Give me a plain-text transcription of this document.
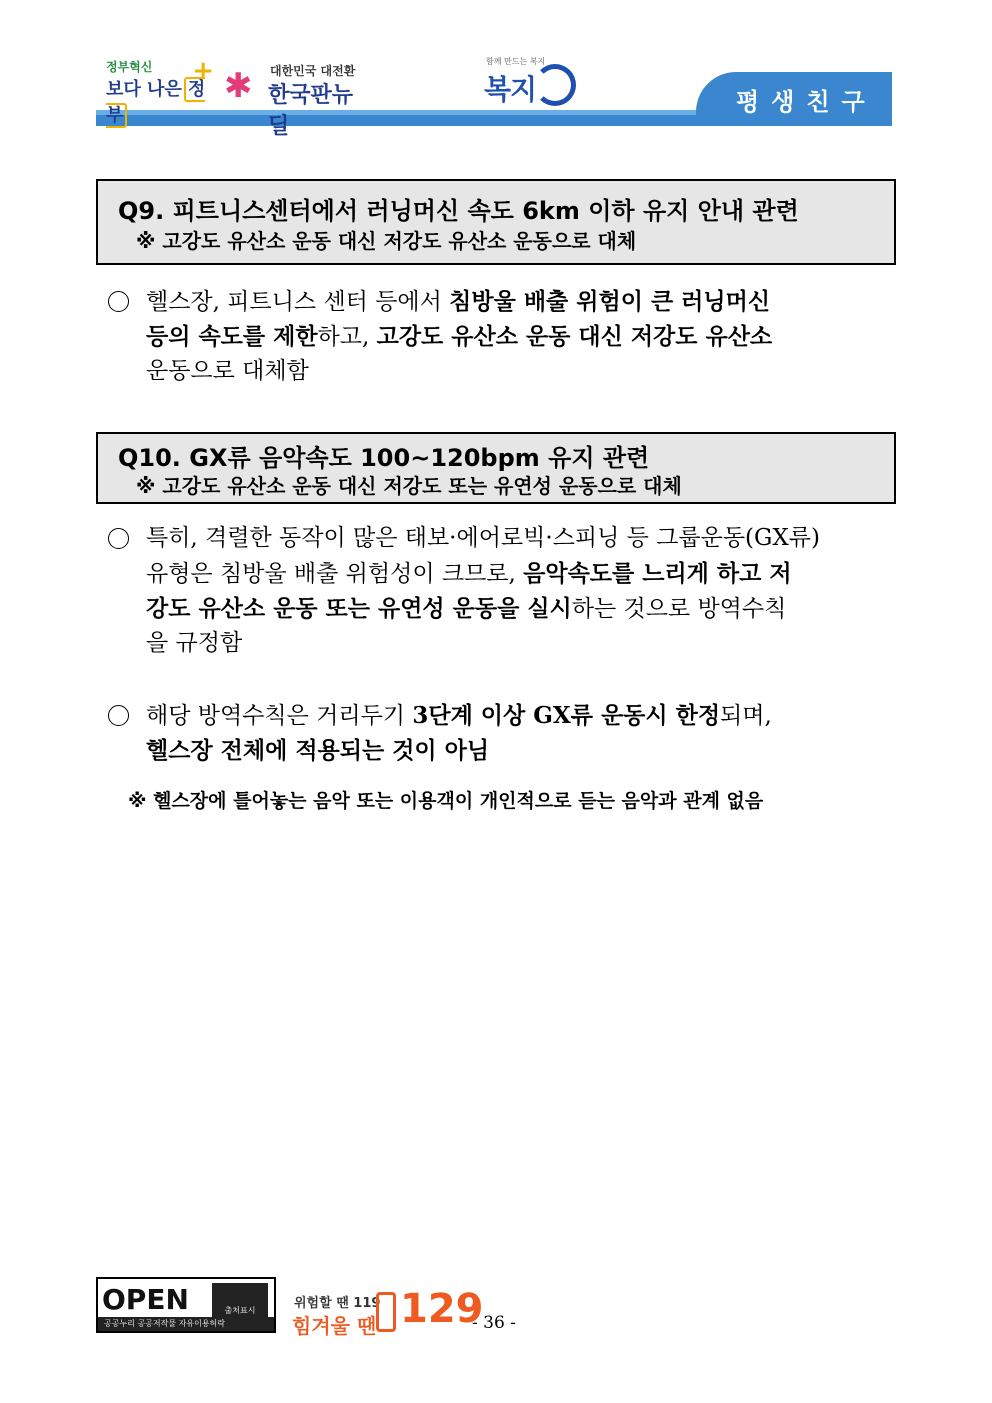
정부혁신
보다 나은 정부
+ ✱ 대한민국 대전환
한국판뉴딜
함께 만드는 복지
복지	평생친구
Q9. 피트니스센터에서 러닝머신 속도 6km 이하 유지 안내 관련
※ 고강도 유산소 운동 대신 저강도 유산소 운동으로 대체
헬스장, 피트니스 센터 등에서 침방울 배출 위험이 큰 러닝머신
등의 속도를 제한하고, 고강도 유산소 운동 대신 저강도 유산소
운동으로 대체함
Q10. GX류 음악속도 100~120bpm 유지 관련
※ 고강도 유산소 운동 대신 저강도 또는 유연성 운동으로 대체
특히, 격렬한 동작이 많은 태보·에어로빅·스피닝 등 그룹운동(GX류)
유형은 침방울 배출 위험성이 크므로, 음악속도를 느리게 하고 저
강도 유산소 운동 또는 유연성 운동을 실시하는 것으로 방역수칙
을 규정함
해당 방역수칙은 거리두기 3단계 이상 GX류 운동시 한정되며,
헬스장 전체에 적용되는 것이 아님
※ 헬스장에 틀어놓는 음악 또는 이용객이 개인적으로 듣는 음악과 관계 없음
OPEN	출처표시
공공누리 공공저작물 자유이용허락
위험할 땐 119
힘겨울 땐 129
- 36 -
